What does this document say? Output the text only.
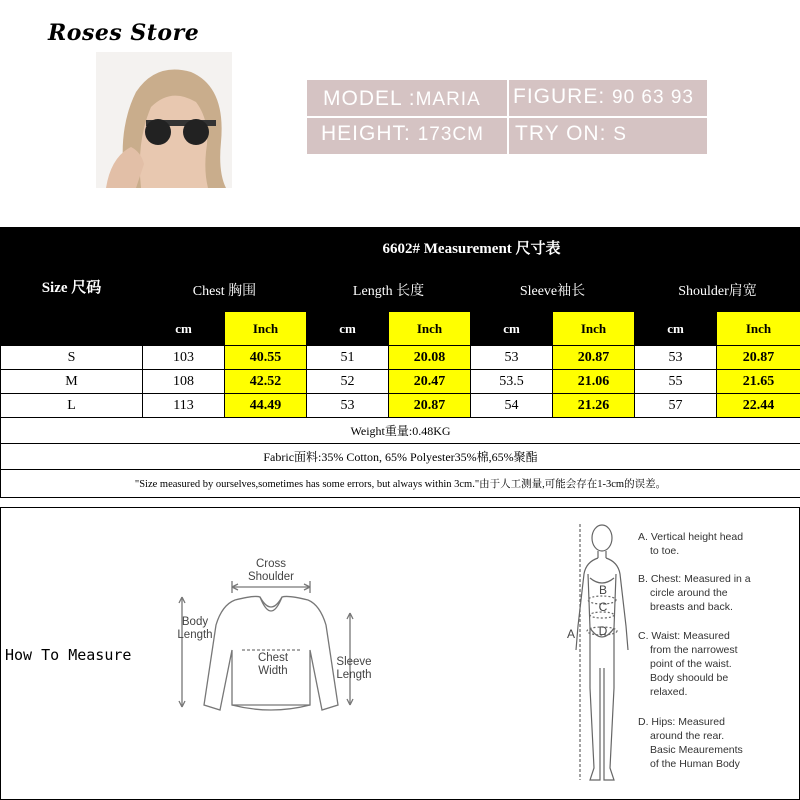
Roses Store
MODEL :MARIA FIGURE: 90 63 93
HEIGHT: 173CM TRY ON: S
Size 尺码	6602# Measurement 尺寸表							
	Chest 胸围		Length 长度		Sleeve袖长		Shoulder肩宽	
	cm	Inch	cm	Inch	cm	Inch	cm	Inch
S	103	40.55	51	20.08	53	20.87	53	20.87
M	108	42.52	52	20.47	53.5	21.06	55	21.65
L	113	44.49	53	20.87	54	21.26	57	22.44
Weight重量:0.48KG								
Fabric面料:35% Cotton, 65% Polyester35%棉,65%聚酯								
"Size measured by ourselves,sometimes has some errors, but always within 3cm."由于人工测量,可能会存在1-3cm的误差。								
How To Measure
Cross
Shoulder
Body
Length
Chest
Width
Sleeve
Length
A
B
C
D
A. Vertical height head
to toe.
B. Chest: Measured in a
circle around the
breasts and back.
C. Waist: Measured
from the narrowest
point of the waist.
Body shoould be
relaxed.
D. Hips: Measured
around the rear.
Basic Meaurements
of the Human Body
